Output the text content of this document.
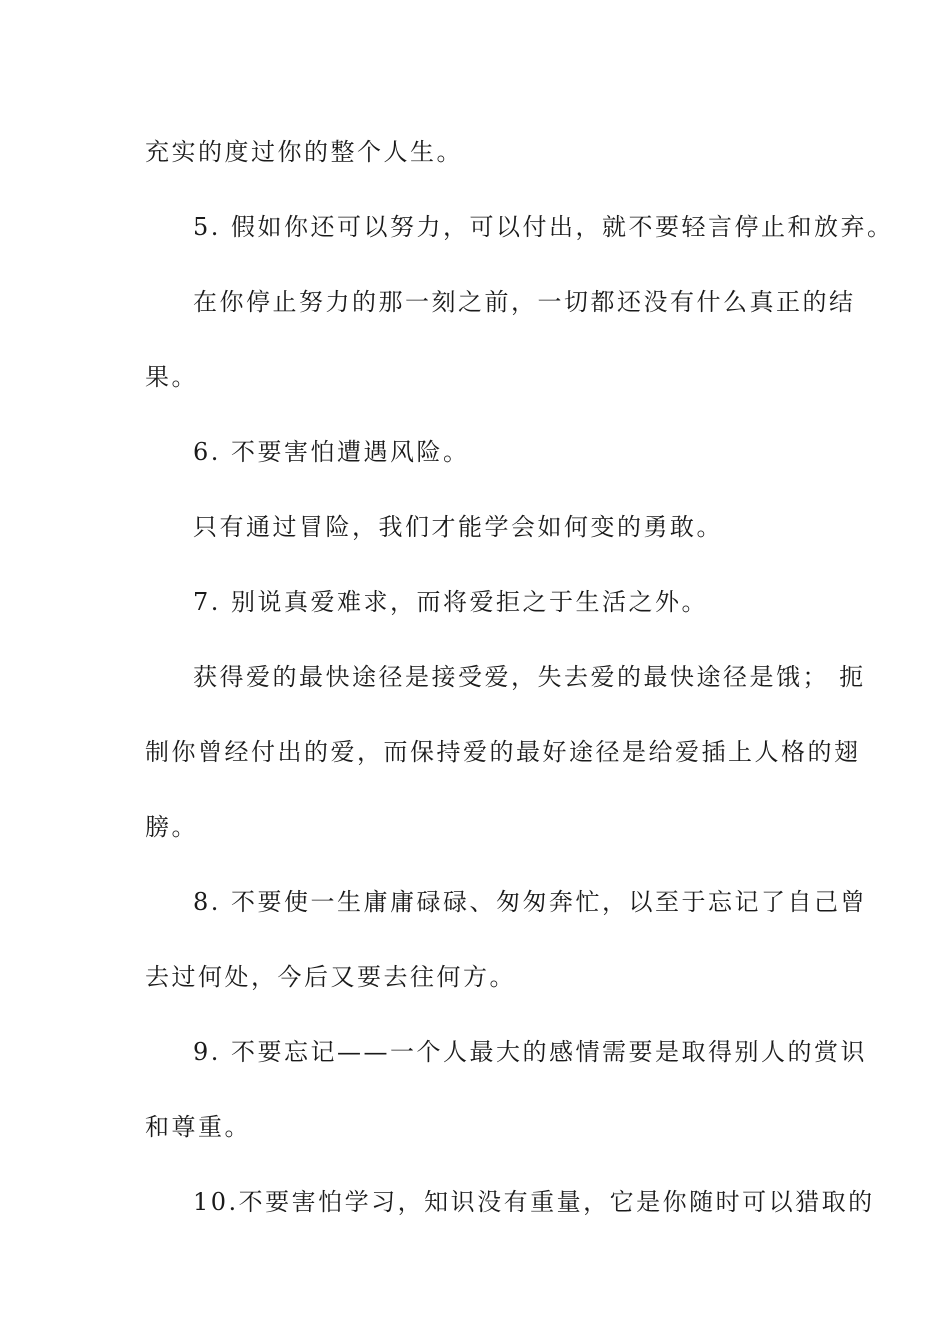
充实的度过你的整个人生。
5. 假如你还可以努力，可以付出，就不要轻言停止和放弃。
在你停止努力的那一刻之前，一切都还没有什么真正的结
果。
6. 不要害怕遭遇风险。
只有通过冒险，我们才能学会如何变的勇敢。
7. 别说真爱难求，而将爱拒之于生活之外。
获得爱的最快途径是接受爱，失去爱的最快途径是饿； 扼
制你曾经付出的爱，而保持爱的最好途径是给爱插上人格的翅
膀。
8. 不要使一生庸庸碌碌、匆匆奔忙，以至于忘记了自己曾
去过何处，今后又要去往何方。
9. 不要忘记——一个人最大的感情需要是取得别人的赏识
和尊重。
10.不要害怕学习，知识没有重量，它是你随时可以猎取的
